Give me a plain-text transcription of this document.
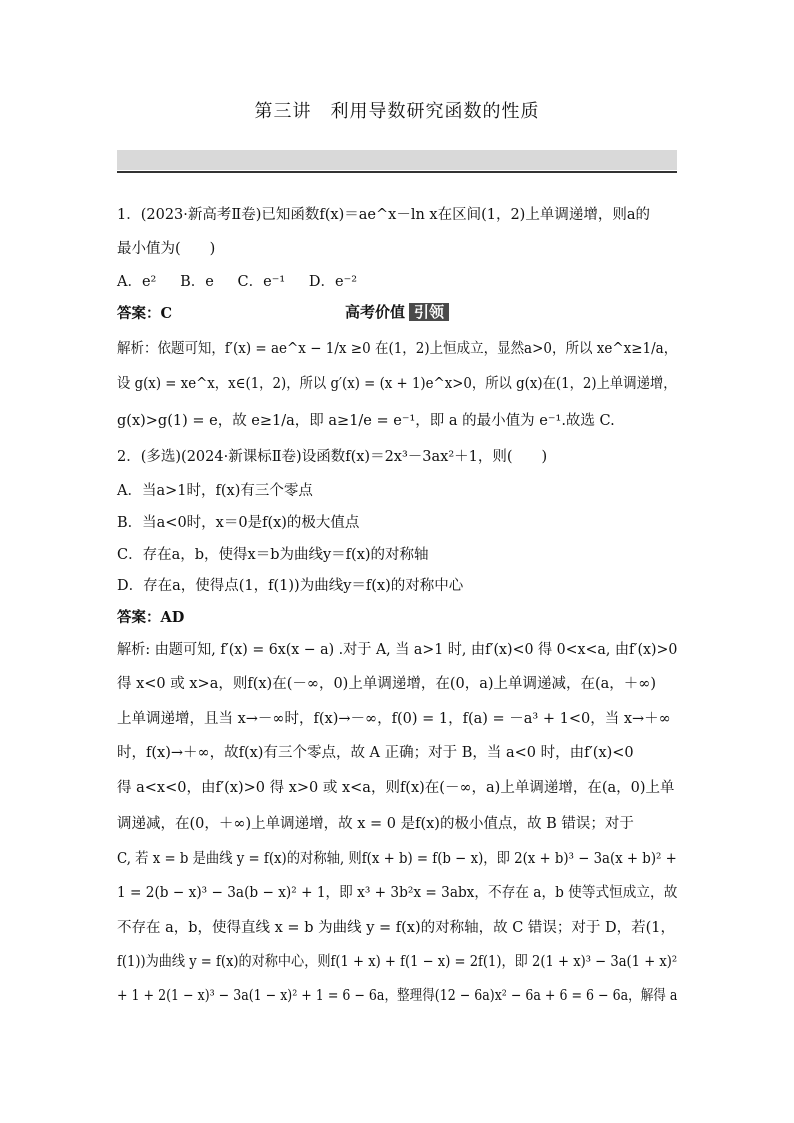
第三讲　利用导数研究函数的性质
高考价值 引领
1．(2023·新高考Ⅱ卷)已知函数f(x)＝ae^x－ln x在区间(1，2)上单调递增，则a的
最小值为(　　)
A．e² 　 B．e 　 C．e⁻¹ 　 D．e⁻²
答案：C
解析：依题可知，f′(x) = ae^x − 1/x ≥0 在(1，2)上恒成立，显然a>0，所以 xe^x≥1/a，
设 g(x) = xe^x，x∈(1，2)，所以 g′(x) = (x + 1)e^x>0，所以 g(x)在(1，2)上单调递增，
g(x)>g(1) = e，故 e≥1/a，即 a≥1/e = e⁻¹，即 a 的最小值为 e⁻¹.故选 C.
2．(多选)(2024·新课标Ⅱ卷)设函数f(x)＝2x³－3ax²＋1，则(　　)
A．当a>1时，f(x)有三个零点
B．当a<0时，x＝0是f(x)的极大值点
C．存在a，b，使得x＝b为曲线y＝f(x)的对称轴
D．存在a，使得点(1，f(1))为曲线y＝f(x)的对称中心
答案：AD
解析: 由题可知, f′(x) = 6x(x − a) .对于 A, 当 a>1 时, 由f′(x)<0 得 0<x<a, 由f′(x)>0
得 x<0 或 x>a，则f(x)在(－∞，0)上单调递增，在(0，a)上单调递减，在(a，＋∞)
上单调递增，且当 x→－∞时，f(x)→－∞，f(0) = 1，f(a) = －a³ + 1<0，当 x→＋∞
时，f(x)→＋∞，故f(x)有三个零点，故 A 正确；对于 B，当 a<0 时，由f′(x)<0
得 a<x<0，由f′(x)>0 得 x>0 或 x<a，则f(x)在(－∞，a)上单调递增，在(a，0)上单
调递减，在(0，＋∞)上单调递增，故 x = 0 是f(x)的极小值点，故 B 错误；对于
C, 若 x = b 是曲线 y = f(x)的对称轴, 则f(x + b) = f(b − x)，即 2(x + b)³ − 3a(x + b)² +
1 = 2(b − x)³ − 3a(b − x)² + 1，即 x³ + 3b²x = 3abx，不存在 a，b 使等式恒成立，故
不存在 a，b，使得直线 x = b 为曲线 y = f(x)的对称轴，故 C 错误；对于 D，若(1，
f(1))为曲线 y = f(x)的对称中心，则f(1 + x) + f(1 − x) = 2f(1)，即 2(1 + x)³ − 3a(1 + x)²
+ 1 + 2(1 − x)³ − 3a(1 − x)² + 1 = 6 − 6a，整理得(12 − 6a)x² − 6a + 6 = 6 − 6a，解得 a
